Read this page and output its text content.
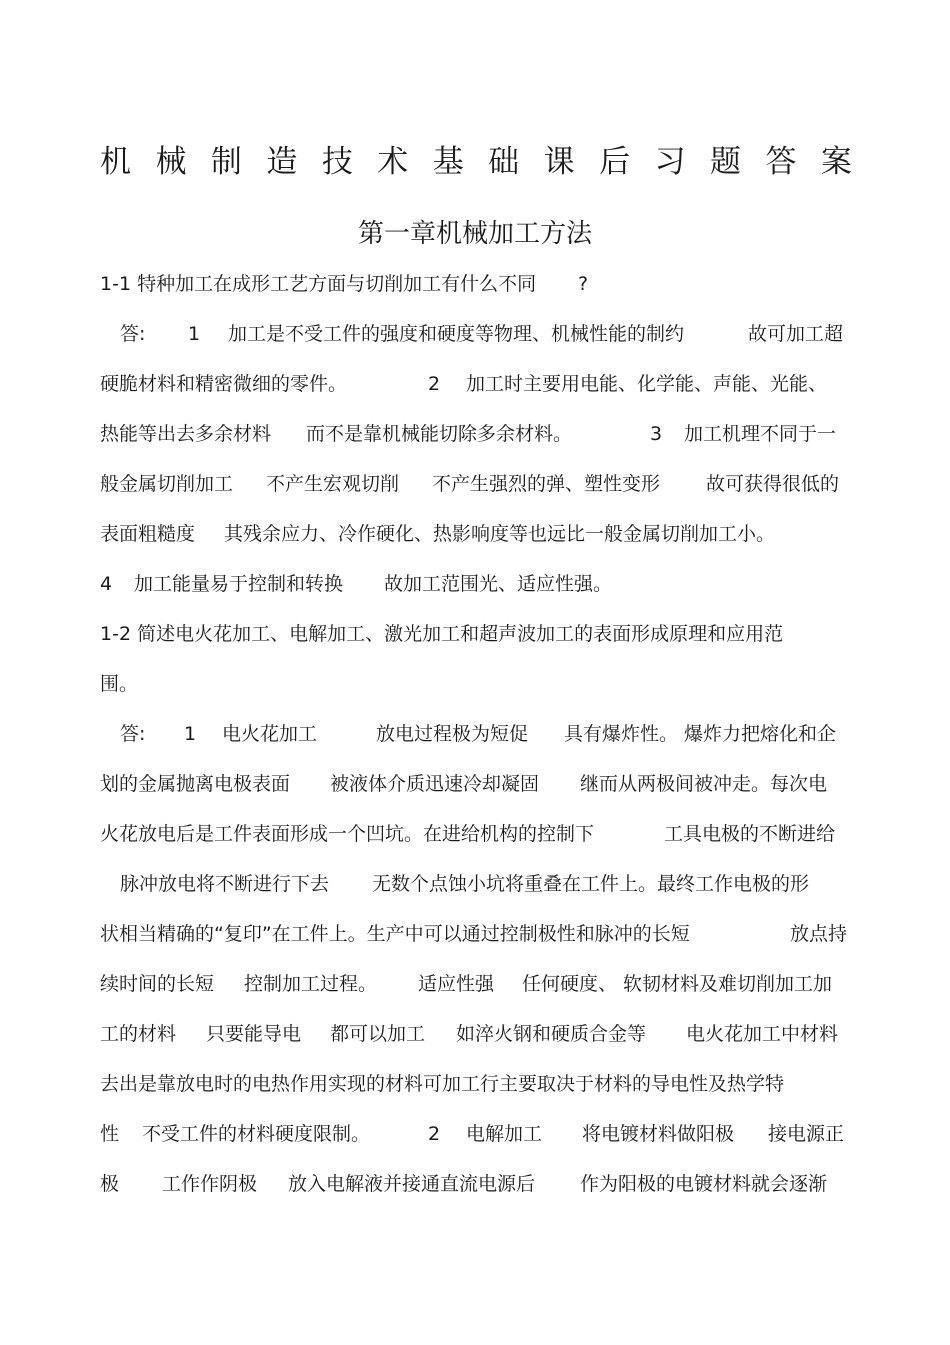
机 械 制 造 技 术 基 础 课 后 习 题 答 案
第一章机械加工方法
1-1 特种加工在成形工艺方面与切削加工有什么不同 ?
答: 1 加工是不受工件的强度和硬度等物理、机械性能的制约	故可加工超
硬脆材料和精密微细的零件。	2 加工时主要用电能、化学能、声能、光能、
热能等出去多余材料 而不是靠机械能切除多余材料。	3 加工机理不同于一
般金属切削加工 不产生宏观切削 不产生强烈的弹、塑性变形 故可获得很低的
表面粗糙度 其残余应力、冷作硬化、热影响度等也远比一般金属切削加工小。
4 加工能量易于控制和转换 故加工范围光、适应性强。
1-2 简述电火花加工、电解加工、激光加工和超声波加工的表面形成原理和应用范
围。
答: 1 电火花加工	放电过程极为短促 具有爆炸性。 爆炸力把熔化和企
划的金属抛离电极表面 被液体介质迅速冷却凝固 继而从两极间被冲走。每次电
火花放电后是工件表面形成一个凹坑。在进给机构的控制下	工具电极的不断进给
脉冲放电将不断进行下去 无数个点蚀小坑将重叠在工件上。最终工作电极的形
状相当精确的“复印”在工件上。生产中可以通过控制极性和脉冲的长短	放点持
续时间的长短 控制加工过程。 适应性强 任何硬度、 软韧材料及难切削加工加
工的材料 只要能导电 都可以加工 如淬火钢和硬质合金等 电火花加工中材料
去出是靠放电时的电热作用实现的材料可加工行主要取决于材料的导电性及热学特
性 不受工件的材料硬度限制。	2 电解加工 将电镀材料做阳极 接电源正
极 工作作阴极 放入电解液并接通直流电源后 作为阳极的电镀材料就会逐渐
